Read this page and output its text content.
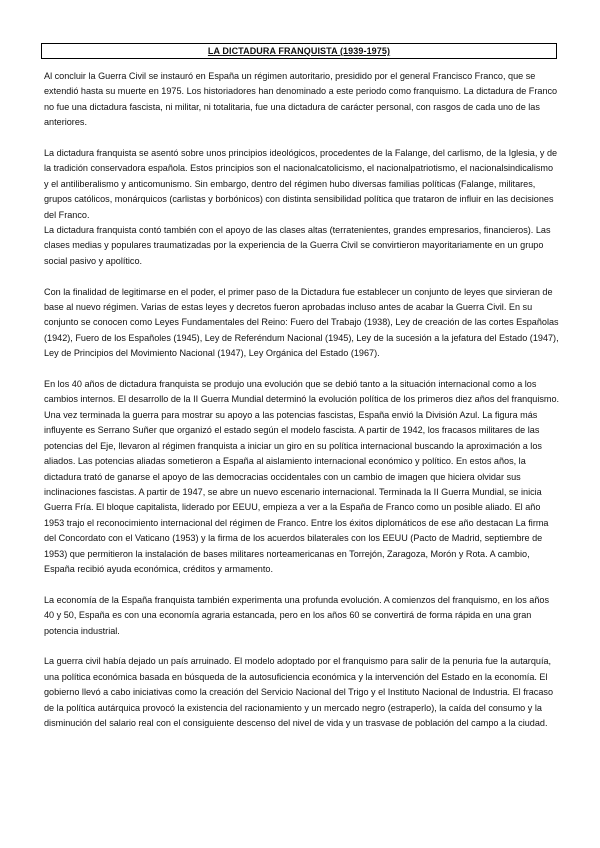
LA DICTADURA FRANQUISTA (1939-1975)

Al concluir la Guerra Civil se instauró en España un régimen autoritario, presidido por el general Francisco Franco, que se extendió hasta su muerte en 1975. Los historiadores han denominado a este periodo como franquismo. La dictadura de Franco no fue una dictadura fascista, ni militar, ni totalitaria, fue una dictadura de carácter personal, con rasgos de cada uno de las anteriores.

La dictadura franquista se asentó sobre unos principios ideológicos, procedentes de la Falange, del carlismo, de la Iglesia, y de la tradición conservadora española. Estos principios son el nacionalcatolicismo, el nacionalpatriotismo, el nacionalsindicalismo y el antiliberalismo y anticomunismo. Sin embargo, dentro del régimen hubo diversas familias políticas (Falange, militares, grupos católicos, monárquicos (carlistas y borbónicos) con distinta sensibilidad política que trataron de influir en las decisiones del Franco.

La dictadura franquista contó también con el apoyo de las clases altas (terratenientes, grandes empresarios, financieros). Las clases medias y populares traumatizadas por la experiencia de la Guerra Civil se convirtieron mayoritariamente en un grupo social pasivo y apolítico.

Con la finalidad de legitimarse en el poder, el primer paso de la Dictadura fue establecer un conjunto de leyes que sirvieran de base al nuevo régimen. Varias de estas leyes y decretos fueron aprobadas incluso antes de acabar la Guerra Civil. En su conjunto se conocen como Leyes Fundamentales del Reino: Fuero del Trabajo (1938), Ley de creación de las cortes Españolas (1942), Fuero de los Españoles (1945), Ley de Referéndum Nacional (1945), Ley de la sucesión a la jefatura del Estado (1947), Ley de Principios del Movimiento Nacional (1947), Ley Orgánica del Estado (1967).

En los 40 años de dictadura franquista se produjo una evolución que se debió tanto a la situación internacional como a los cambios internos. El desarrollo de la II Guerra Mundial determinó la evolución política de los primeros diez años del franquismo. Una vez terminada la guerra para mostrar su apoyo a las potencias fascistas, España envió la División Azul. La figura más influyente es Serrano Suñer que organizó el estado según el modelo fascista. A partir de 1942, los fracasos militares de las potencias del Eje, llevaron al régimen franquista a iniciar un giro en su política internacional buscando la aproximación a los aliados. Las potencias aliadas sometieron a España al aislamiento internacional económico y político. En estos años, la dictadura trató de ganarse el apoyo de las democracias occidentales con un cambio de imagen que hiciera olvidar sus inclinaciones fascistas. A partir de 1947, se abre un nuevo escenario internacional. Terminada la II Guerra Mundial, se inicia Guerra Fría. El bloque capitalista, liderado por EEUU, empieza a ver a la España de Franco como un posible aliado. El año 1953 trajo el reconocimiento internacional del régimen de Franco. Entre los éxitos diplomáticos de ese año destacan La firma del Concordato con el Vaticano (1953) y la firma de los acuerdos bilaterales con los EEUU (Pacto de Madrid, septiembre de 1953) que permitieron la instalación de bases militares norteamericanas en Torrejón, Zaragoza, Morón y Rota. A cambio, España recibió ayuda económica, créditos y armamento.

La economía de la España franquista también experimenta una profunda evolución. A comienzos del franquismo, en los años 40 y 50, España es con una economía agraria estancada, pero en los años 60 se convertirá de forma rápida en una gran potencia industrial.

La guerra civil había dejado un país arruinado. El modelo adoptado por el franquismo para salir de la penuria fue la autarquía, una política económica basada en búsqueda de la autosuficiencia económica y la intervención del Estado en la economía. El gobierno llevó a cabo iniciativas como la creación del Servicio Nacional del Trigo y el Instituto Nacional de Industria. El fracaso de la política autárquica provocó la existencia del racionamiento y un mercado negro (estraperlo), la caída del consumo y la disminución del salario real con el consiguiente descenso del nivel de vida y un trasvase de población del campo a la ciudad.
